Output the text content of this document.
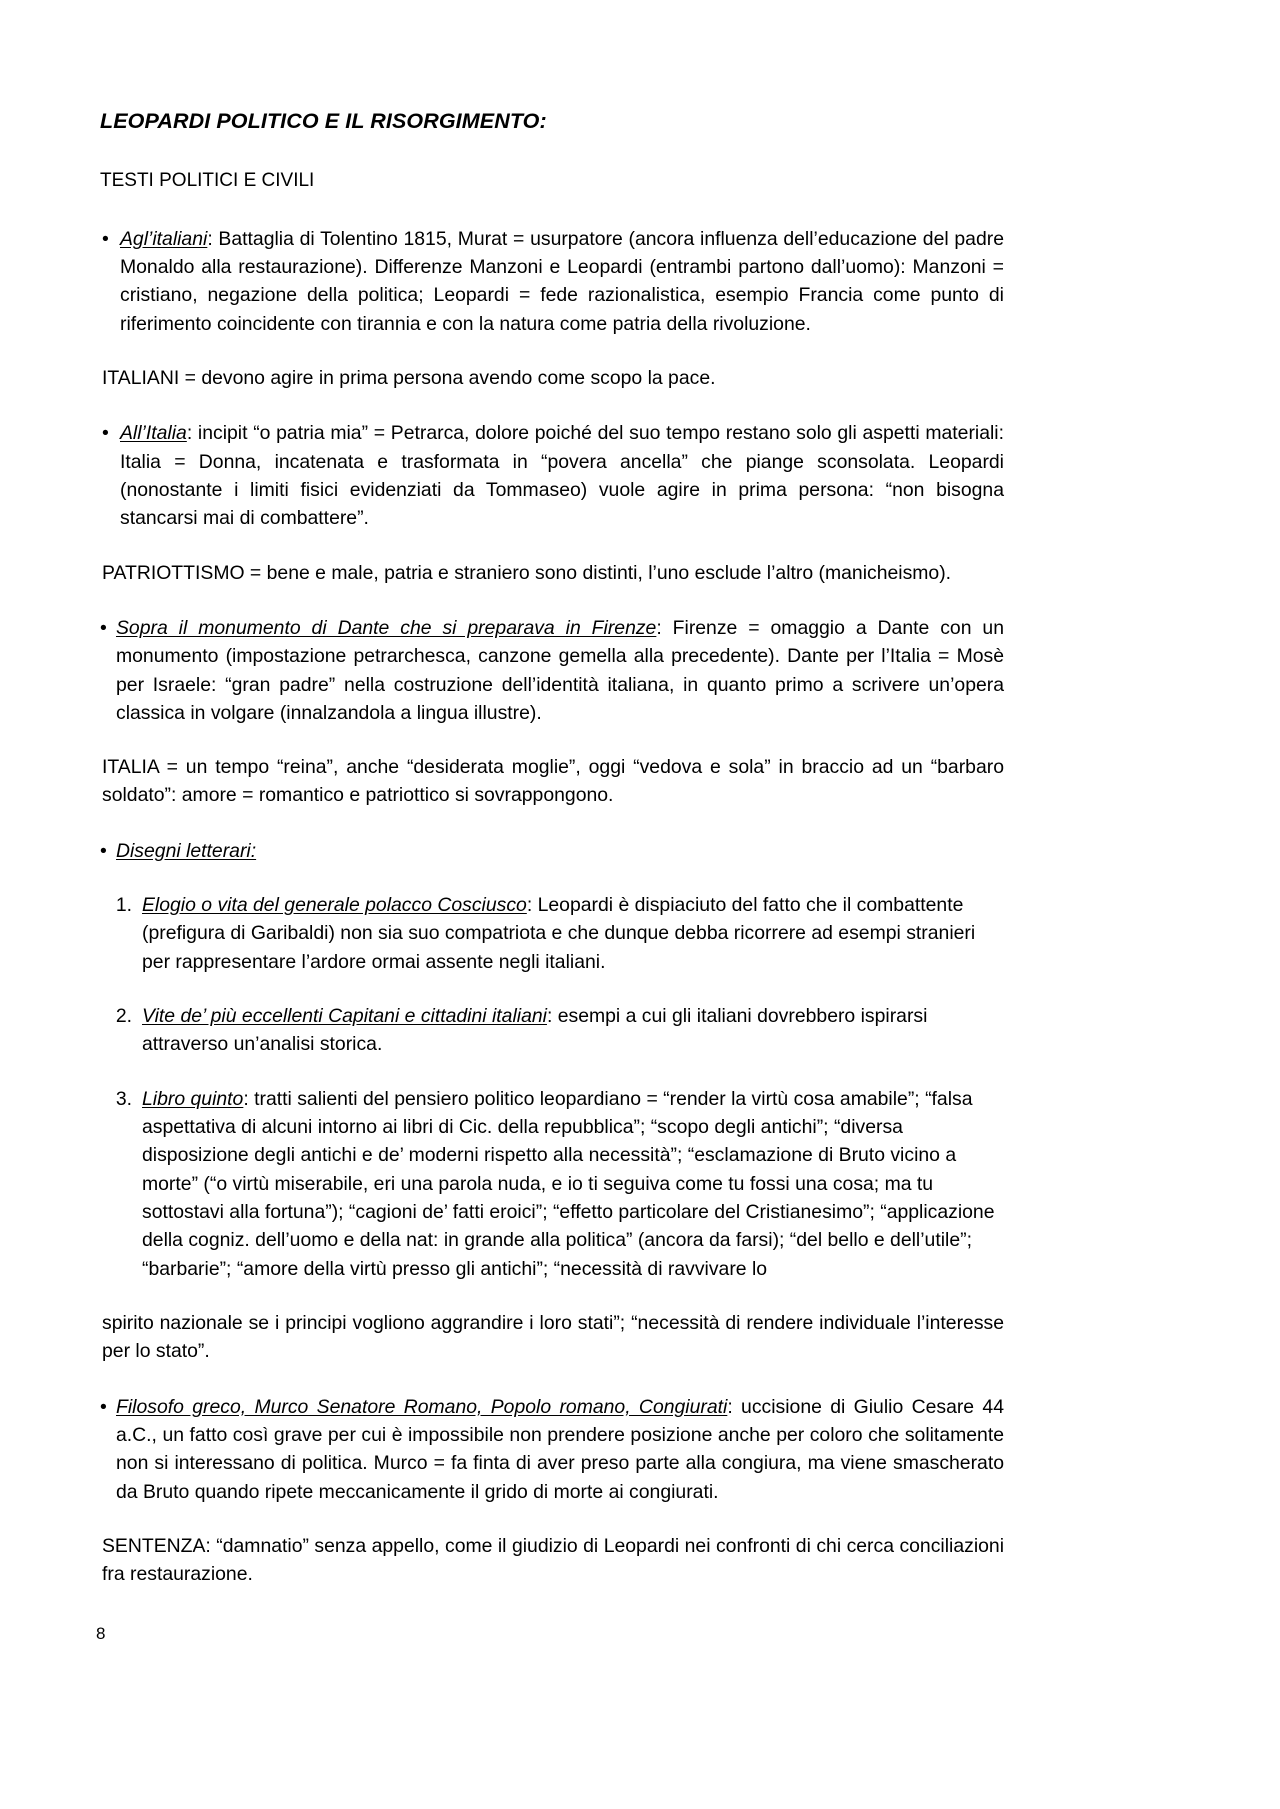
LEOPARDI POLITICO E IL RISORGIMENTO:

TESTI POLITICI E CIVILI

• Agl’italiani: Battaglia di Tolentino 1815, Murat = usurpatore (ancora influenza dell’educazione del padre Monaldo alla restaurazione). Differenze Manzoni e Leopardi (entrambi partono dall’uomo): Manzoni = cristiano, negazione della politica; Leopardi = fede razionalistica, esempio Francia come punto di riferimento coincidente con tirannia e con la natura come patria della rivoluzione.

ITALIANI = devono agire in prima persona avendo come scopo la pace.

• All’Italia: incipit “o patria mia” = Petrarca, dolore poiché del suo tempo restano solo gli aspetti materiali: Italia = Donna, incatenata e trasformata in “povera ancella” che piange sconsolata. Leopardi (nonostante i limiti fisici evidenziati da Tommaseo) vuole agire in prima persona: “non bisogna stancarsi mai di combattere”.

PATRIOTTISMO = bene e male, patria e straniero sono distinti, l’uno esclude l’altro (manicheismo).

• Sopra il monumento di Dante che si preparava in Firenze: Firenze = omaggio a Dante con un monumento (impostazione petrarchesca, canzone gemella alla precedente). Dante per l’Italia = Mosè per Israele: “gran padre” nella costruzione dell’identità italiana, in quanto primo a scrivere un’opera classica in volgare (innalzandola a lingua illustre).

ITALIA = un tempo “reina”, anche “desiderata moglie”, oggi “vedova e sola” in braccio ad un “barbaro soldato”: amore = romantico e patriottico si sovrappongono.

• Disegni letterari:

1. Elogio o vita del generale polacco Cosciusco: Leopardi è dispiaciuto del fatto che il combattente (prefigura di Garibaldi) non sia suo compatriota e che dunque debba ricorrere ad esempi stranieri per rappresentare l’ardore ormai assente negli italiani.

2. Vite de’ più eccellenti Capitani e cittadini italiani: esempi a cui gli italiani dovrebbero ispirarsi attraverso un’analisi storica.

3. Libro quinto: tratti salienti del pensiero politico leopardiano = “render la virtù cosa amabile”; “falsa aspettativa di alcuni intorno ai libri di Cic. della repubblica”; “scopo degli antichi”; “diversa disposizione degli antichi e de’ moderni rispetto alla necessità”; “esclamazione di Bruto vicino a morte” (“o virtù miserabile, eri una parola nuda, e io ti seguiva come tu fossi una cosa; ma tu sottostavi alla fortuna”); “cagioni de’ fatti eroici”; “effetto particolare del Cristianesimo”; “applicazione della cogniz. dell’uomo e della nat: in grande alla politica” (ancora da farsi); “del bello e dell’utile”; “barbarie”; “amore della virtù presso gli antichi”; “necessità di ravvivare lo

spirito nazionale se i principi vogliono aggrandire i loro stati”; “necessità di rendere individuale l’interesse per lo stato”.

• Filosofo greco, Murco Senatore Romano, Popolo romano, Congiurati: uccisione di Giulio Cesare 44 a.C., un fatto così grave per cui è impossibile non prendere posizione anche per coloro che solitamente non si interessano di politica. Murco = fa finta di aver preso parte alla congiura, ma viene smascherato da Bruto quando ripete meccanicamente il grido di morte ai congiurati.

SENTENZA: “damnatio” senza appello, come il giudizio di Leopardi nei confronti di chi cerca conciliazioni fra restaurazione.

8
